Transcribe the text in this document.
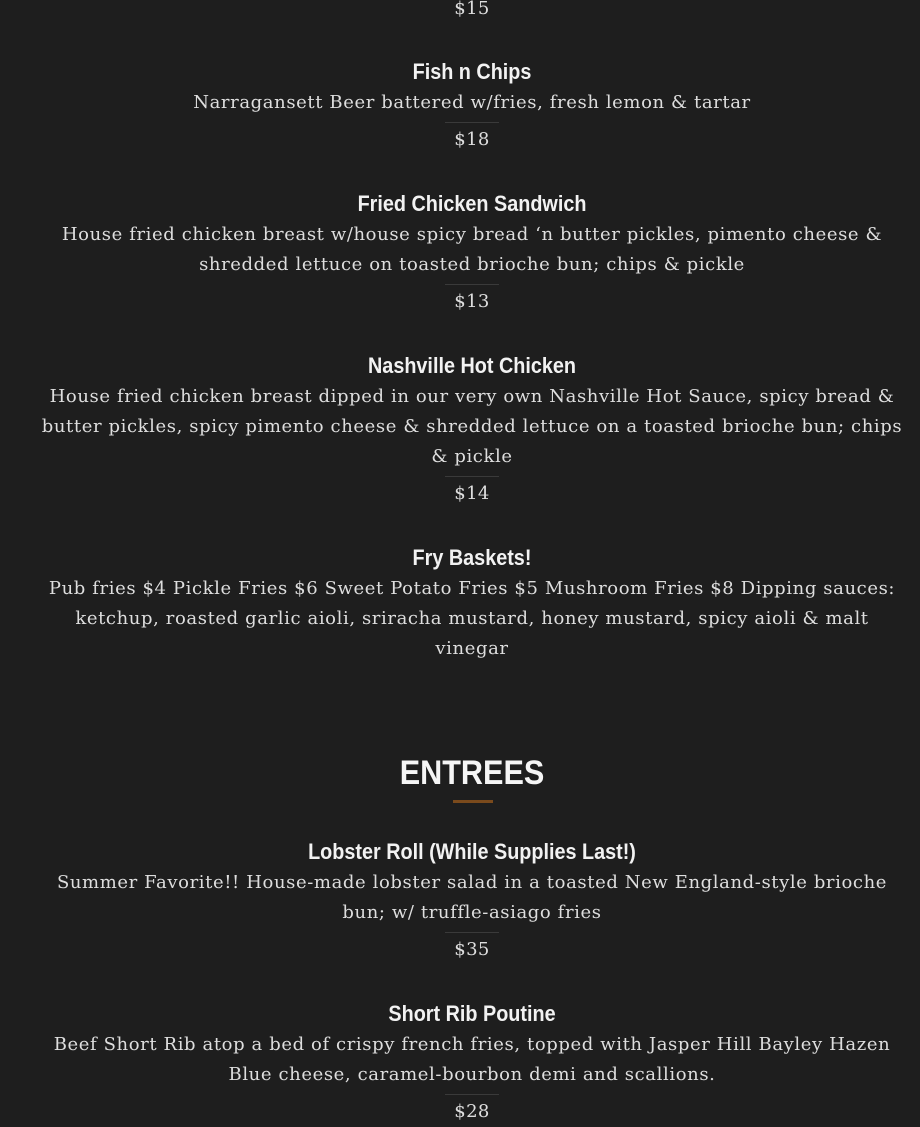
$15
Fish n Chips
Narragansett Beer battered w/fries, fresh lemon & tartar
$18
Fried Chicken Sandwich
House fried chicken breast w/house spicy bread ‘n butter pickles, pimento cheese & shredded lettuce on toasted brioche bun; chips & pickle
$13
Nashville Hot Chicken
House fried chicken breast dipped in our very own Nashville Hot Sauce, spicy bread & butter pickles, spicy pimento cheese & shredded lettuce on a toasted brioche bun; chips & pickle
$14
Fry Baskets!
Pub fries $4 Pickle Fries $6 Sweet Potato Fries $5 Mushroom Fries $8 Dipping sauces: ketchup, roasted garlic aioli, sriracha mustard, honey mustard, spicy aioli & malt vinegar
ENTREES
Lobster Roll (While Supplies Last!)
Summer Favorite!! House-made lobster salad in a toasted New England-style brioche bun; w/ truffle-asiago fries
$35
Short Rib Poutine
Beef Short Rib atop a bed of crispy french fries, topped with Jasper Hill Bayley Hazen Blue cheese, caramel-bourbon demi and scallions.
$28
